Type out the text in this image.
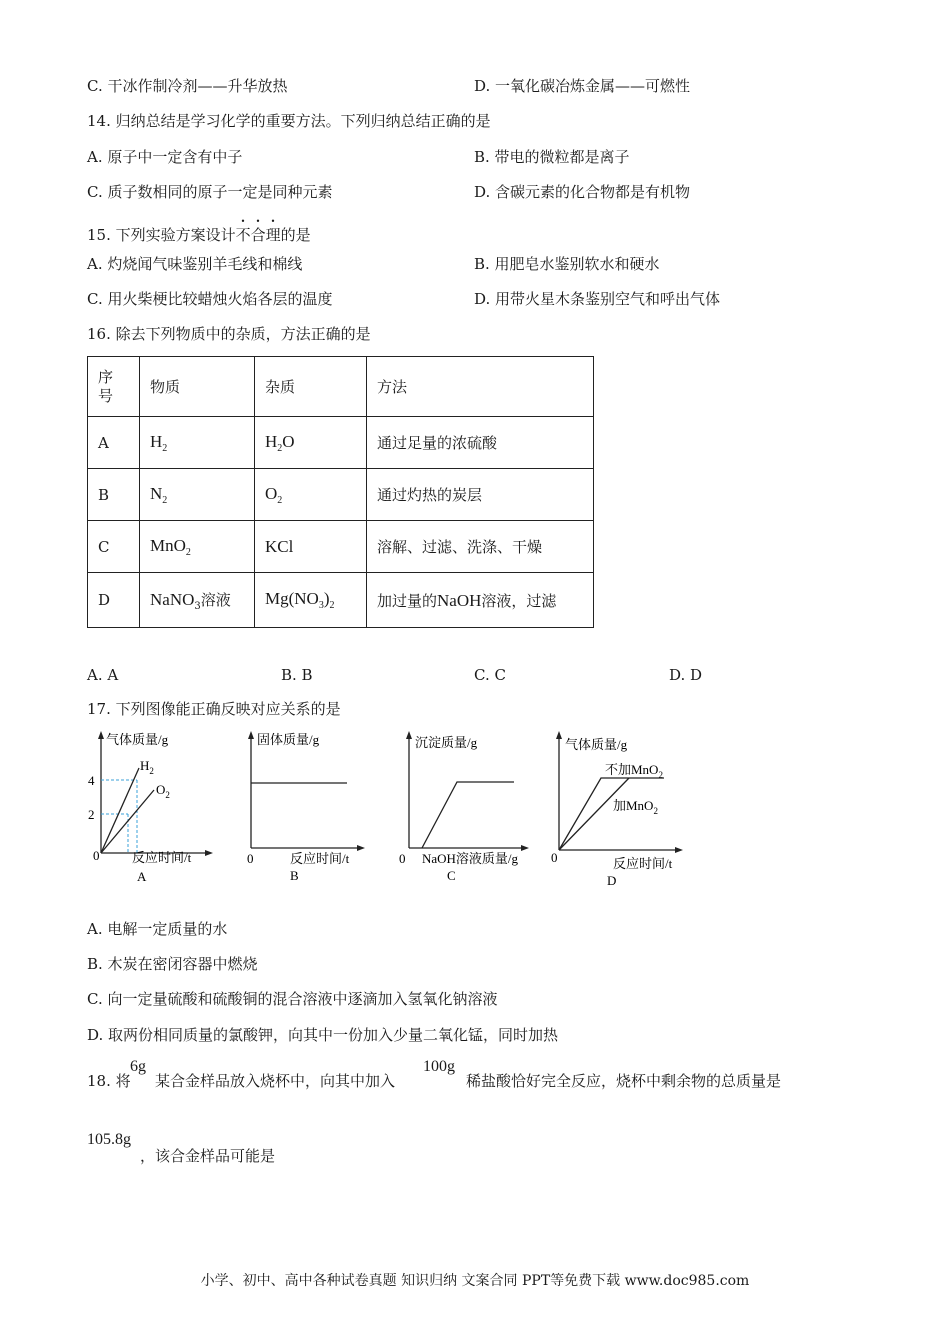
C. 干冰作制冷剂——升华放热	D. 一氧化碳冶炼金属——可燃性
14. 归纳总结是学习化学的重要方法。下列归纳总结正确的是
A. 原子中一定含有中子	B. 带电的微粒都是离子
C. 质子数相同的原子一定是同种元素	D. 含碳元素的化合物都是有机物
15. 下列实验方案设计不合理的是
A. 灼烧闻气味鉴别羊毛线和棉线	B. 用肥皂水鉴别软水和硬水
C. 用火柴梗比较蜡烛火焰各层的温度	D. 用带火星木条鉴别空气和呼出气体
16. 除去下列物质中的杂质，方法正确的是
序号	物质	杂质	方法
A	$H_2$	$H_2O$	通过足量的浓硫酸
B	$N_2$	$O_2$	通过灼热的炭层
C	MnO$_2$	KCl	溶解、过滤、洗涤、干燥
D	NaNO$_3$溶液	$Mg(NO_3)_2$	加过量的NaOH溶液，过滤
A. A	B. B	C. C	D. D
17. 下列图像能正确反映对应关系的是
气体质量/g
4
2
0
$H_2$
$O_2$
反应时间/t
A
固体质量/g
0	反应时间/t
B
沉淀质量/g
0 NaOH溶液质量/g
C
气体质量/g
不加MnO$_2$
加MnO$_2$
0	反应时间/t
D
A. 电解一定质量的水
B. 木炭在密闭容器中燃烧
C. 向一定量硫酸和硫酸铜的混合溶液中逐滴加入氢氧化钠溶液
D. 取两份相同质量的氯酸钾，向其中一份加入少量二氧化锰，同时加热
18. 将
6g
某合金样品放入烧杯中，向其中加入
100g
稀盐酸恰好完全反应，烧杯中剩余物的总质量是
105.8g
，该合金样品可能是
小学、初中、高中各种试卷真题 知识归纳 文案合同 PPT等免费下载 www.doc985.com
